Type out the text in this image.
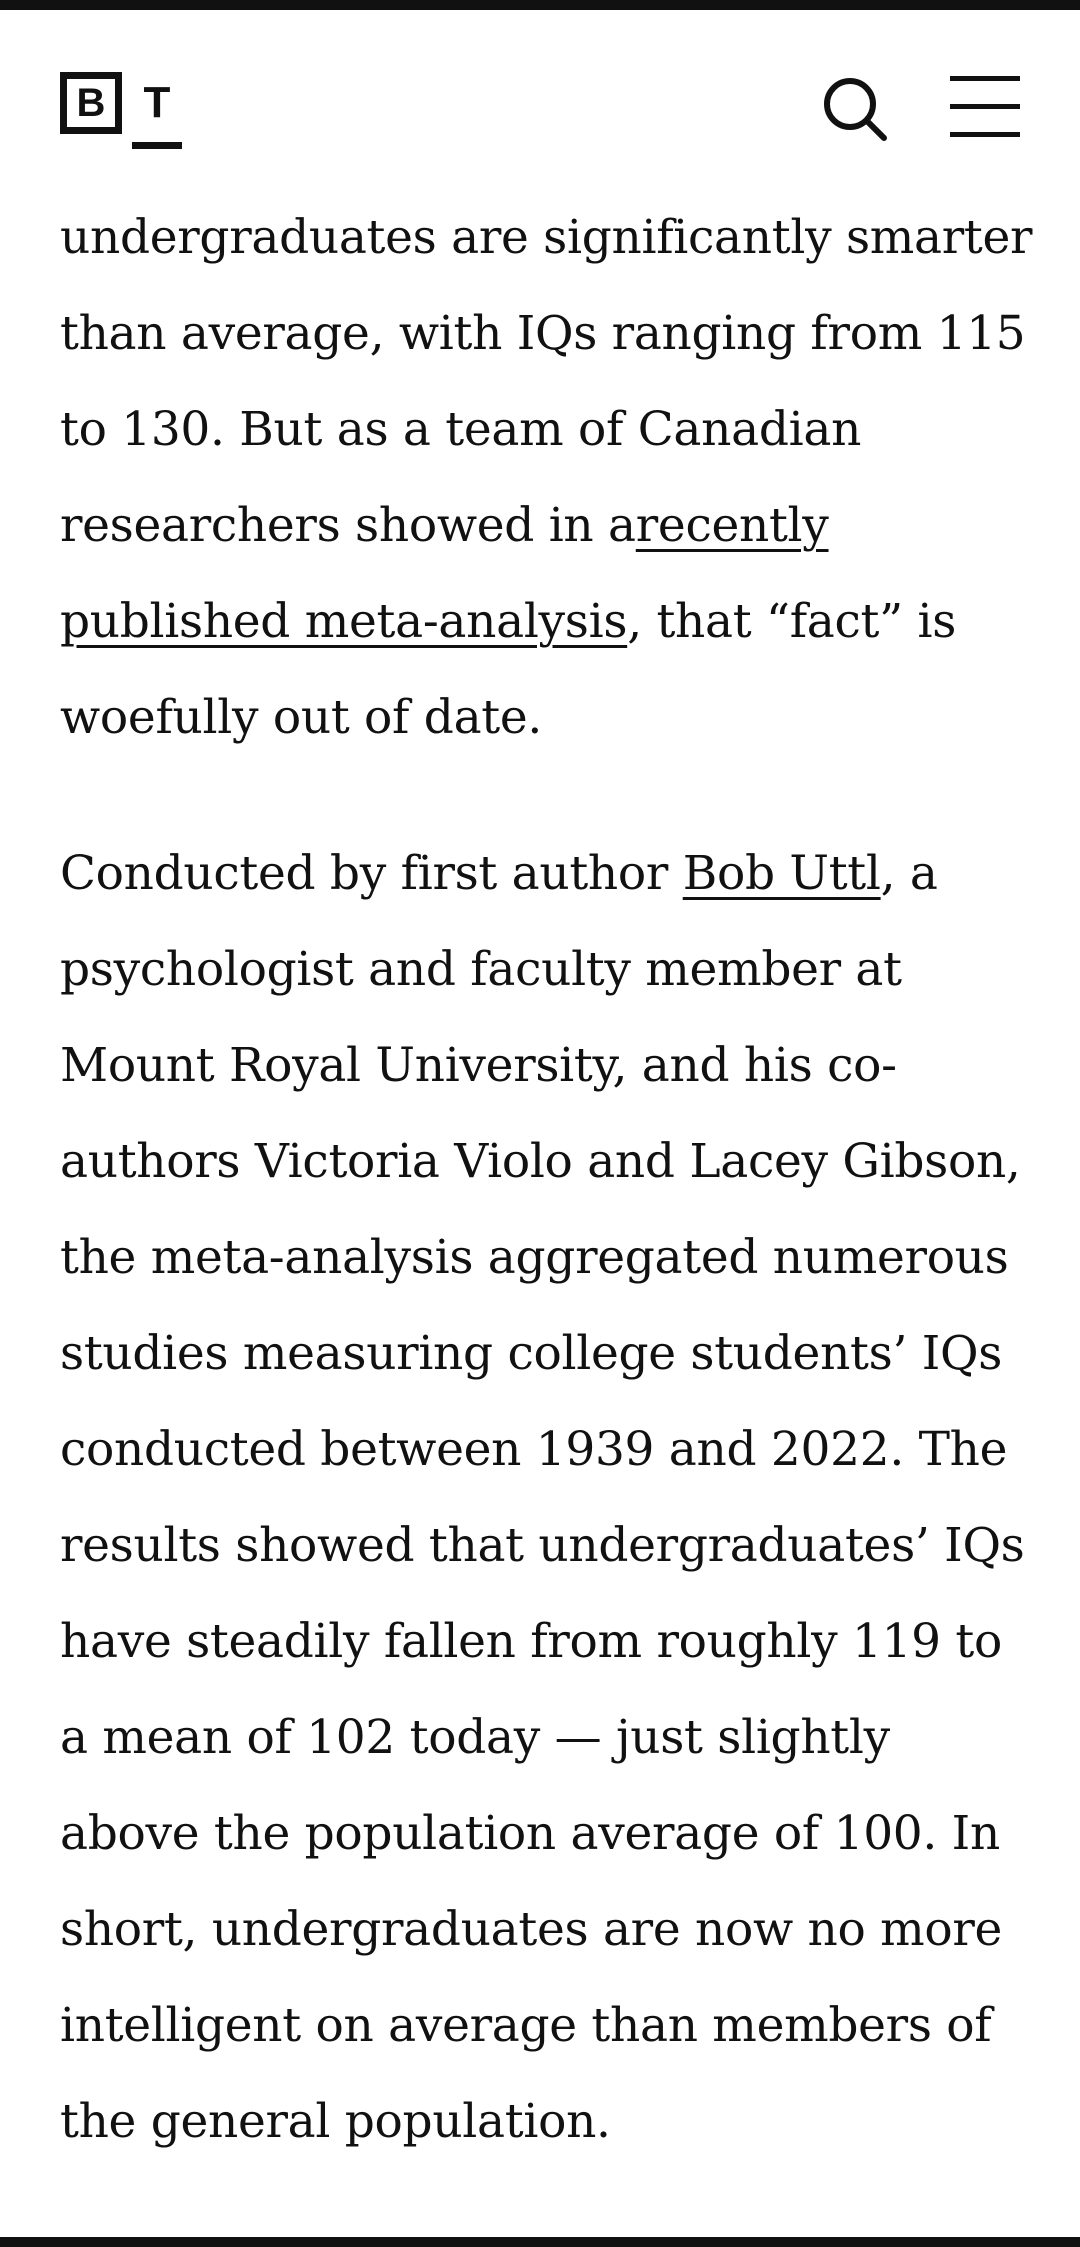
B T

undergraduates are significantly smarter than average, with IQs ranging from 115 to 130. But as a team of Canadian researchers showed in arecently published meta-analysis, that “fact” is woefully out of date.

Conducted by first author Bob Uttl, a psychologist and faculty member at Mount Royal University, and his co-authors Victoria Violo and Lacey Gibson, the meta-analysis aggregated numerous studies measuring college students’ IQs conducted between 1939 and 2022. The results showed that undergraduates’ IQs have steadily fallen from roughly 119 to a mean of 102 today — just slightly above the population average of 100. In short, undergraduates are now no more intelligent on average than members of the general population.
